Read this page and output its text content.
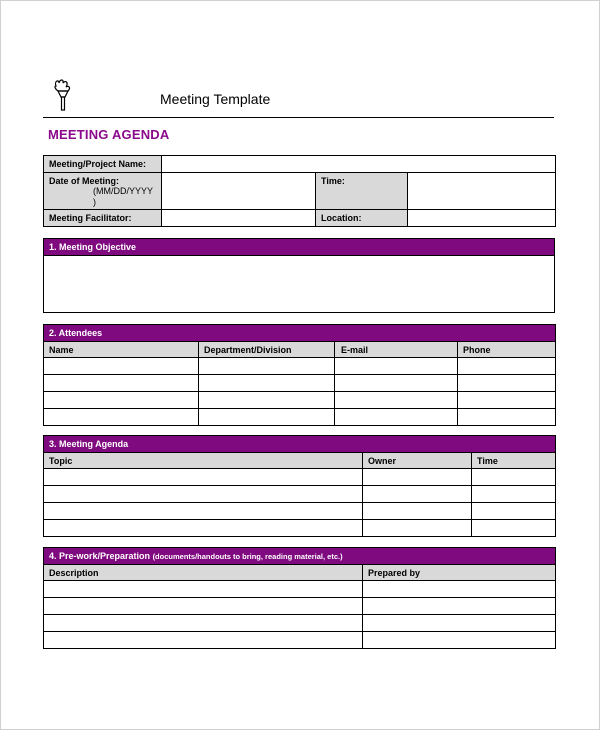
Meeting Template
MEETING AGENDA
Meeting/Project Name:			
Date of Meeting:
(MM/DD/YYYY
)		Time:	
Meeting Facilitator:		Location:	
1. Meeting Objective

2. Attendees			
Name	Department/Division	E-mail	Phone

3. Meeting Agenda		
Topic	Owner	Time

4. Pre-work/Preparation (documents/handouts to bring, reading material, etc.)	
Description	Prepared by
